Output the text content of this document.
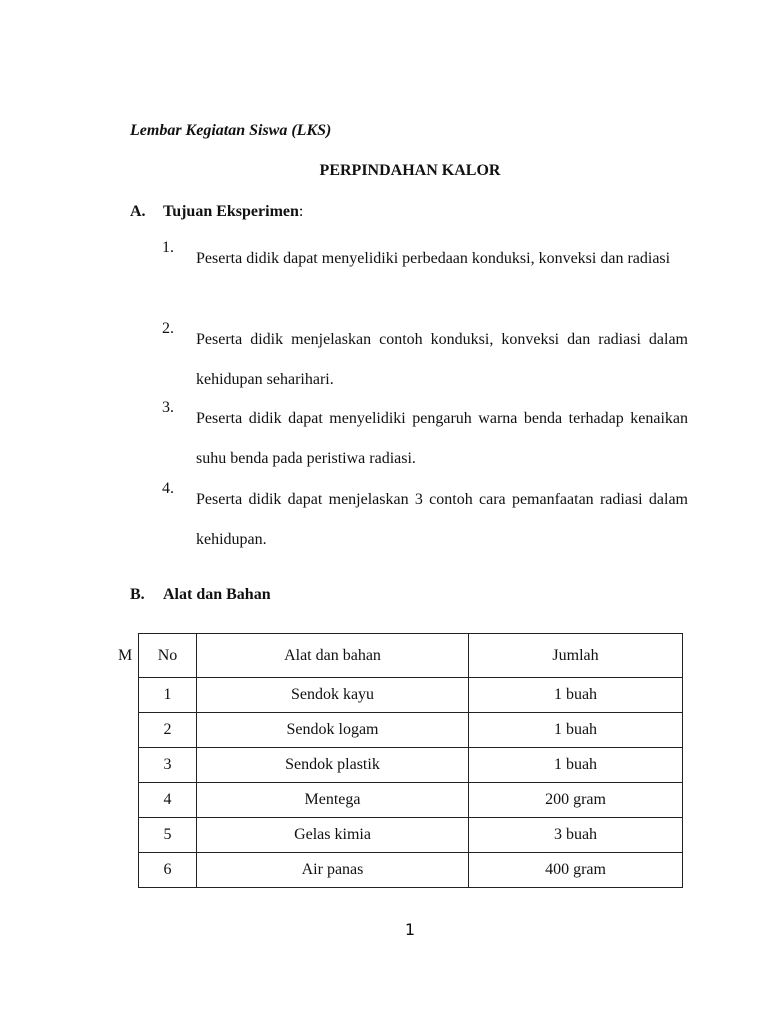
Lembar Kegiatan Siswa (LKS)

PERPINDAHAN KALOR

A. Tujuan Eksperimen:

1.
Peserta didik dapat menyelidiki perbedaan konduksi, konveksi dan radiasi
2.
Peserta didik menjelaskan contoh konduksi, konveksi dan radiasi dalam kehidupan seharihari.
3.
Peserta didik dapat menyelidiki pengaruh warna benda terhadap kenaikan suhu benda pada peristiwa radiasi.
4.
Peserta didik dapat menjelaskan 3 contoh cara pemanfaatan radiasi dalam kehidupan.

B. Alat dan Bahan

M No	Alat dan bahan	Jumlah
1	Sendok kayu	1 buah
2	Sendok logam	1 buah
3	Sendok plastik	1 buah
4	Mentega	200 gram
5	Gelas kimia	3 buah
6	Air panas	400 gram
1
